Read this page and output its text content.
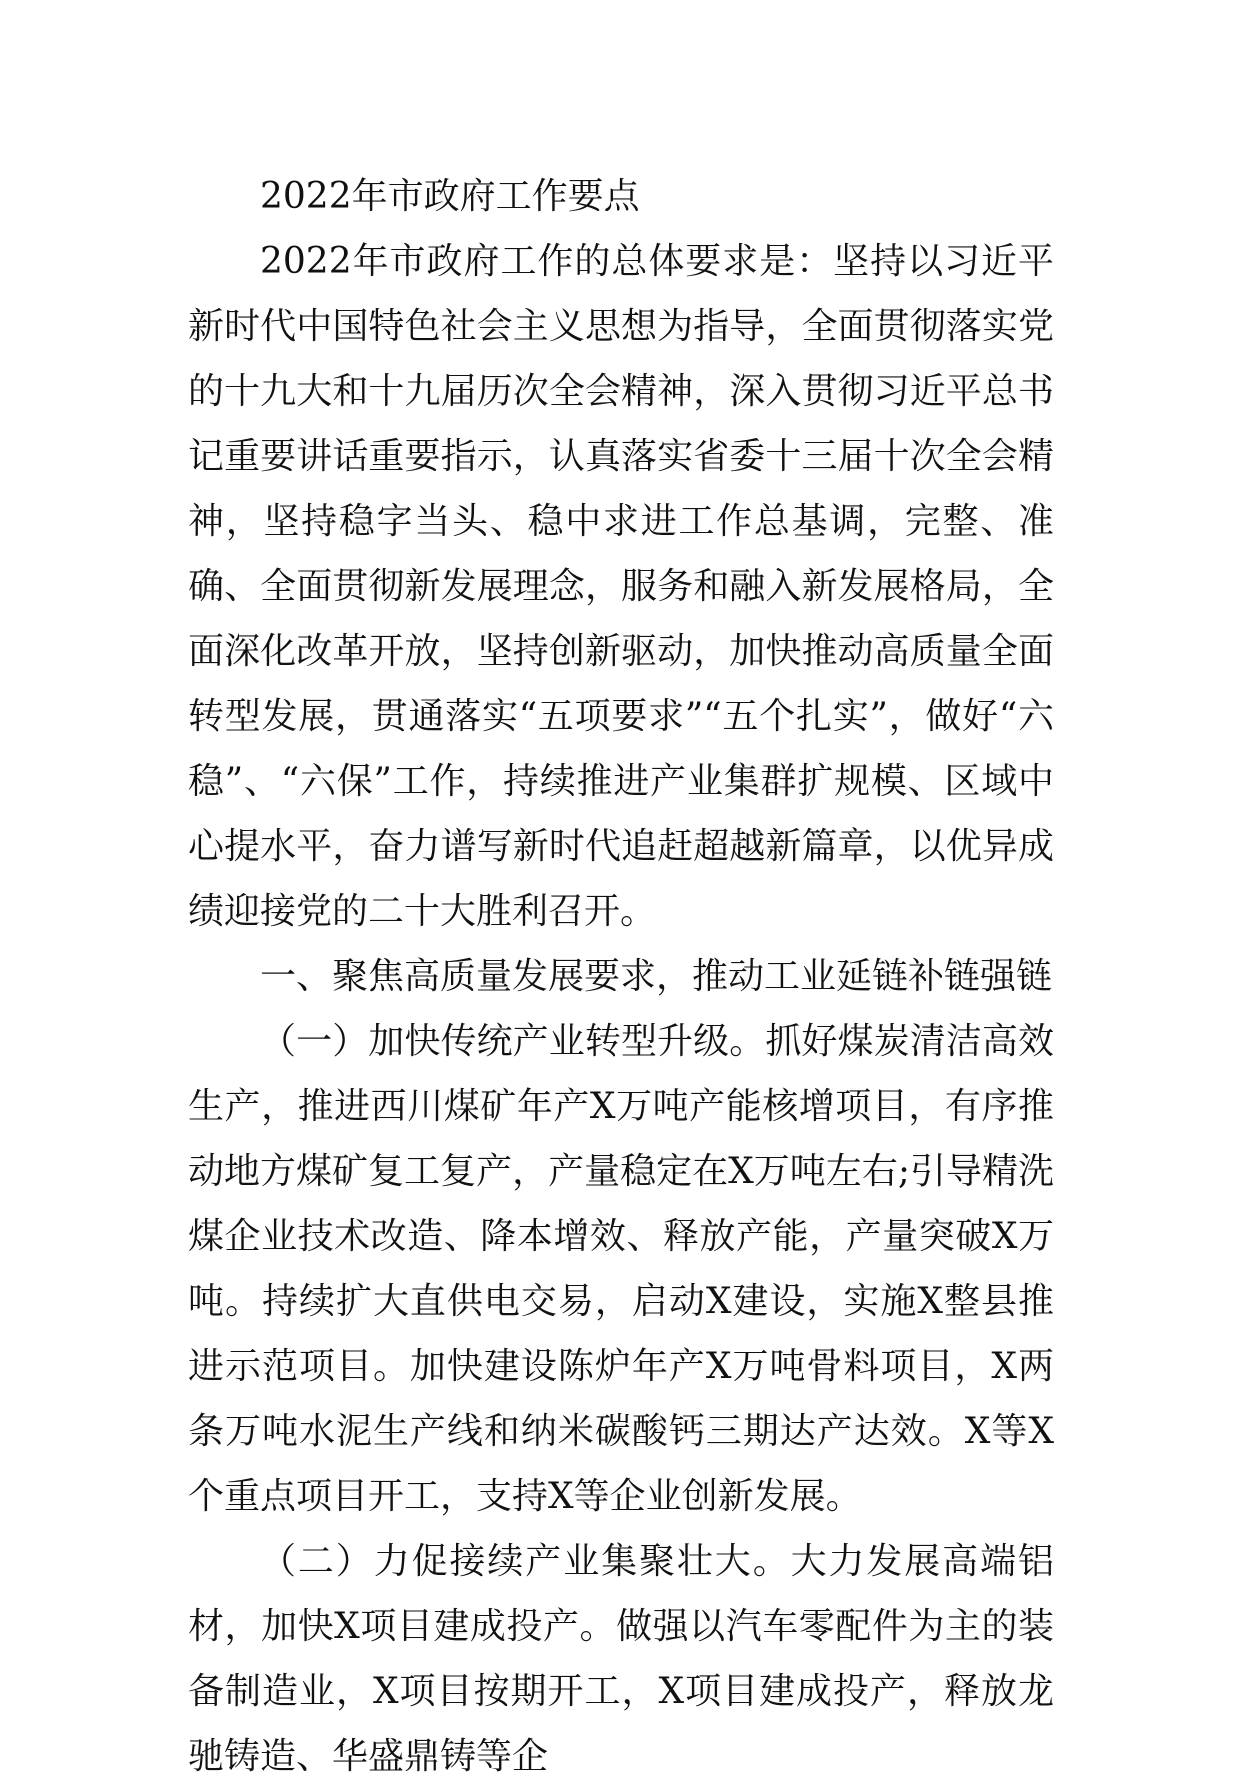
2022年市政府工作要点

2022年市政府工作的总体要求是：坚持以习近平新时代中国特色社会主义思想为指导，全面贯彻落实党的十九大和十九届历次全会精神，深入贯彻习近平总书记重要讲话重要指示，认真落实省委十三届十次全会精神，坚持稳字当头、稳中求进工作总基调，完整、准确、全面贯彻新发展理念，服务和融入新发展格局，全面深化改革开放，坚持创新驱动，加快推动高质量全面转型发展，贯通落实“五项要求”“五个扎实”，做好“六稳”、“六保”工作，持续推进产业集群扩规模、区域中心提水平，奋力谱写新时代追赶超越新篇章，以优异成绩迎接党的二十大胜利召开。

一、聚焦高质量发展要求，推动工业延链补链强链

（一）加快传统产业转型升级。抓好煤炭清洁高效生产，推进西川煤矿年产X万吨产能核增项目，有序推动地方煤矿复工复产，产量稳定在X万吨左右;引导精洗煤企业技术改造、降本增效、释放产能，产量突破X万吨。持续扩大直供电交易，启动X建设，实施X整县推进示范项目。加快建设陈炉年产X万吨骨料项目，X两条万吨水泥生产线和纳米碳酸钙三期达产达效。X等X个重点项目开工，支持X等企业创新发展。

（二）力促接续产业集聚壮大。大力发展高端铝材，加快X项目建成投产。做强以汽车零配件为主的装备制造业，X项目按期开工，X项目建成投产，释放龙驰铸造、华盛鼎铸等企
